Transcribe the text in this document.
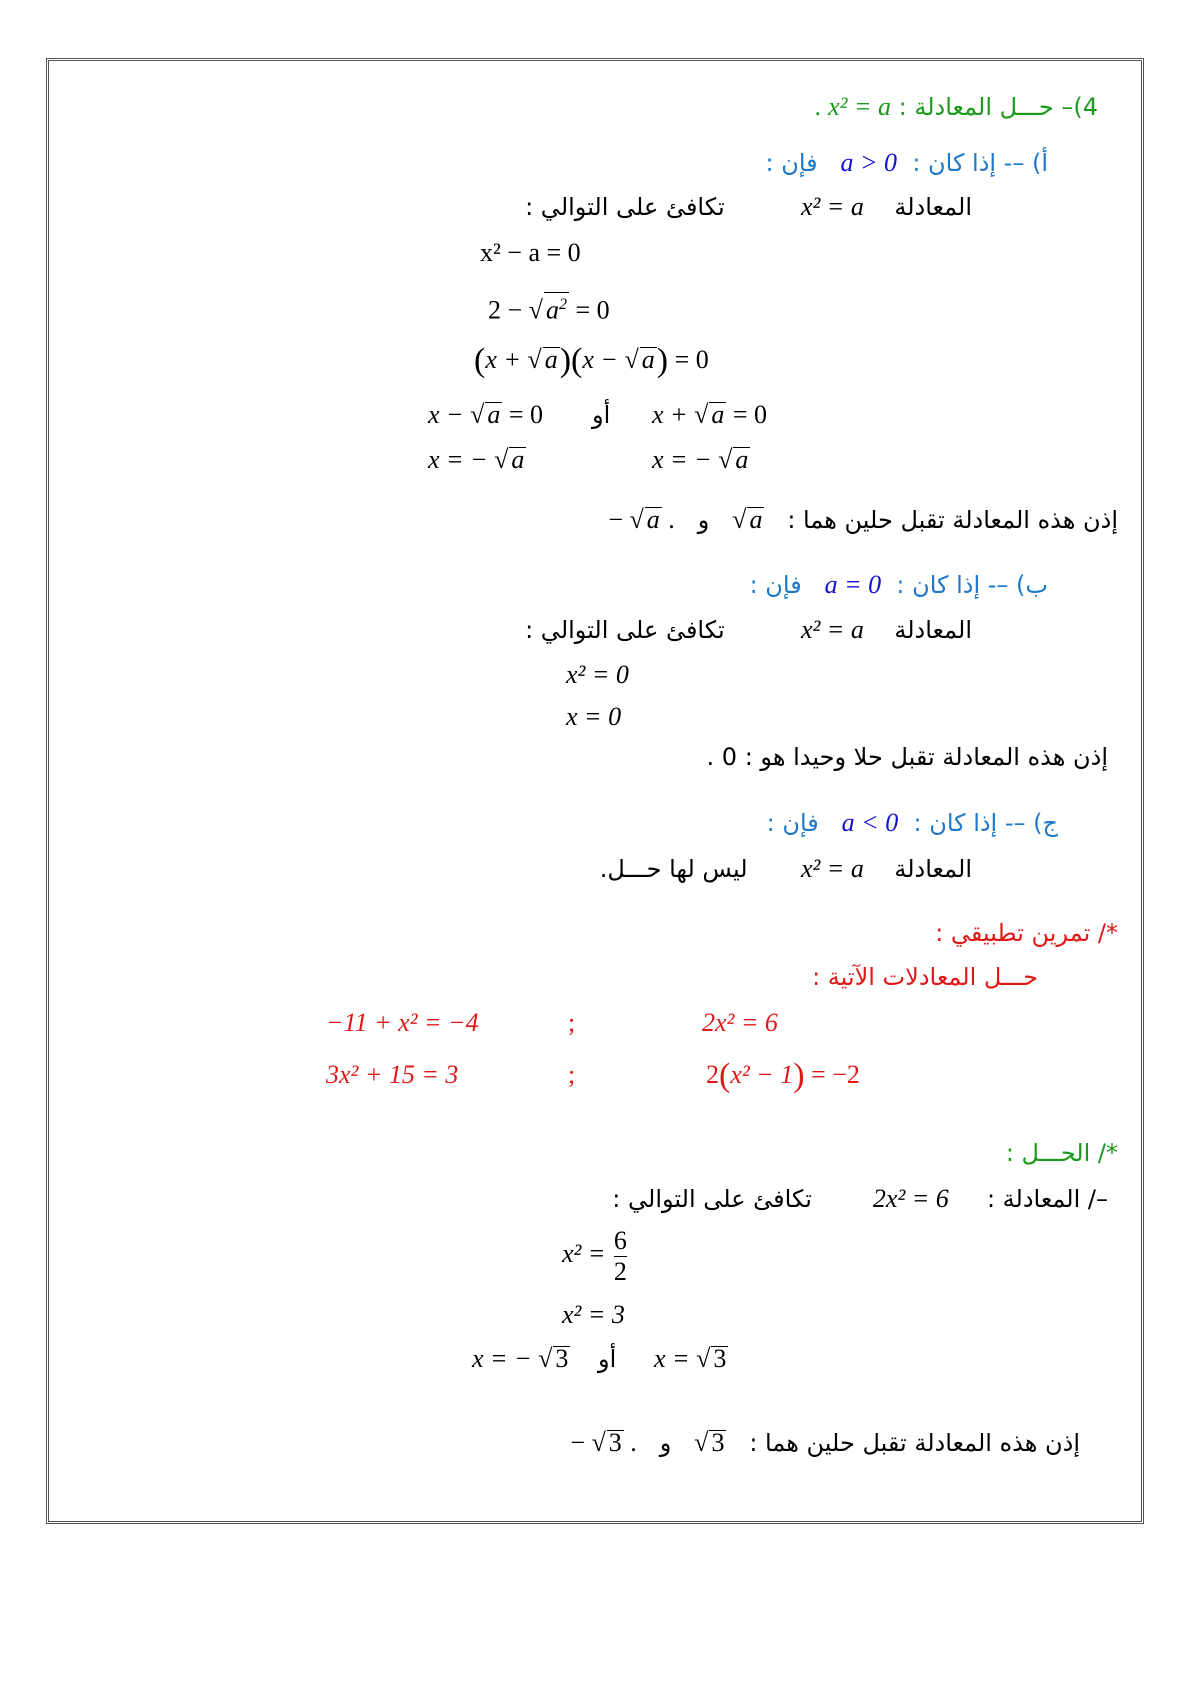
4)– حـــل المعادلة : x² = a .
أ) –- إذا كان :  a > 0   فإن :
المعادلة    x² = a          تكافئ على التوالي :
x² − a = 0
2 − √ $a^2 = 0$
(x + √ a)(x − √ a) = 0
x − √ a = 0 أو x + √ a = 0
x = − √ a	x = − √ a
إذن هذه المعادلة تقبل حلين هما :   √ a   و   − √ a .
ب) –- إذا كان :  a = 0   فإن :
المعادلة    x² = a          تكافئ على التوالي :
x² = 0
x = 0
إذن هذه المعادلة تقبل حلا وحيدا هو : 0 .
ج) –- إذا كان :  a < 0   فإن :
المعادلة    x² = a       ليس لها حـــل.
*/ تمرين تطبيقي :
حـــل المعادلات الآتية :
−11 + x² = −4	;	2x² = 6
3x² + 15 = 3	;	2(x² − 1) = −2
*/ الحـــل :
–/ المعادلة :     2x² = 6        تكافئ على التوالي :
$x^2 = \frac{6}{2}$
x² = 3
x = − √ 3 أو x = √ 3
إذن هذه المعادلة تقبل حلين هما :   √ 3   و   − √ 3 .
